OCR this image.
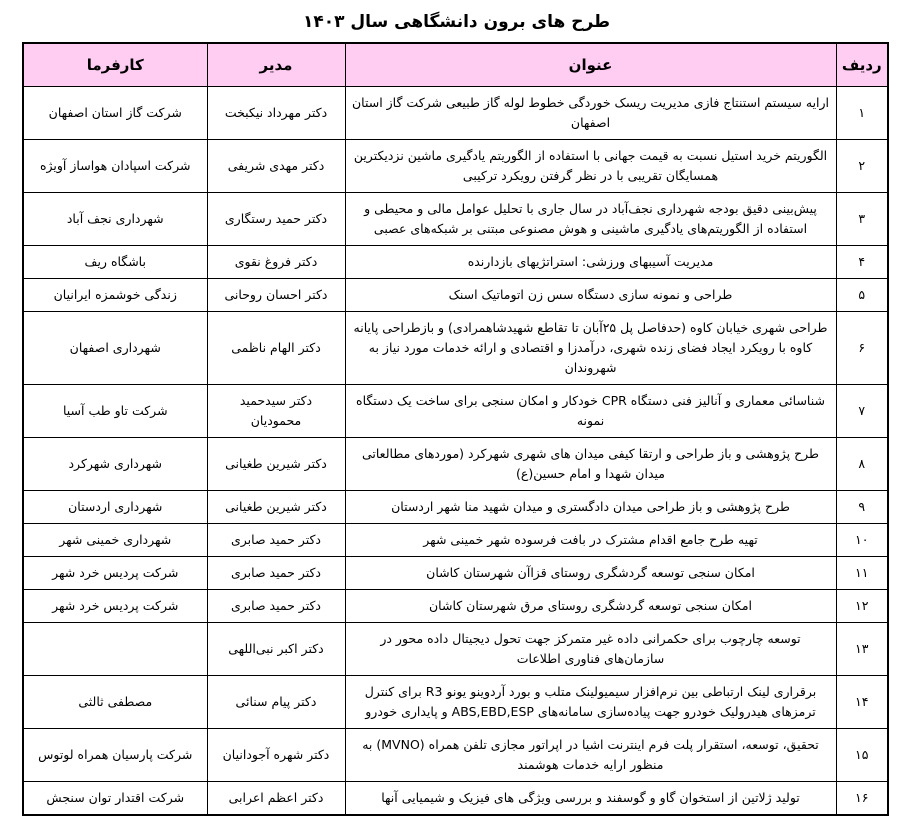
طرح های برون دانشگاهی سال ۱۴۰۳
ردیف	عنوان	مدیر	کارفرما
۱	ارایه سیستم استنتاج فازی مدیریت ریسک خوردگی خطوط لوله گاز طبیعی شرکت گاز استان اصفهان	دکتر مهرداد نیکبخت	شرکت گاز استان اصفهان
۲	الگوریتم خرید استیل نسبت به قیمت جهانی با استفاده از الگوریتم یادگیری ماشین نزدیکترین همسایگان تقریبی با در نظر گرفتن رویکرد ترکیبی	دکتر مهدی شریفی	شرکت اسپادان هواساز آویژه
۳	پیش‌بینی دقیق بودجه شهرداری نجف‌آباد در سال جاری با تحلیل عوامل مالی و محیطی و استفاده از الگوریتم‌های یادگیری ماشینی و هوش مصنوعی مبتنی بر شبکه‌های عصبی	دکتر حمید رستگاری	شهرداری نجف آباد
۴	مدیریت آسیبهای ورزشی: استراتژیهای بازدارنده	دکتر فروغ نقوی	باشگاه ریف
۵	طراحی و نمونه سازی دستگاه سس زن اتوماتیک اسنک	دکتر احسان روحانی	زندگی خوشمزه ایرانیان
۶	طراحی شهری خیابان کاوه (حدفاصل پل ۲۵آبان تا تقاطع شهیدشاهمرادی) و بازطراحی پایانه کاوه با رویکرد ایجاد فضای زنده شهری، درآمدزا و اقتصادی و ارائه خدمات مورد نیاز به شهروندان	دکتر الهام ناظمی	شهرداری اصفهان
۷	شناسائی معماری و آنالیز فنی دستگاه CPR خودکار و امکان سنجی برای ساخت یک دستگاه نمونه	دکتر سیدحمید محمودیان	شرکت تاو طب آسیا
۸	طرح پژوهشی و باز طراحی و ارتقا کیفی میدان های شهری شهرکرد (موردهای مطالعاتی میدان شهدا و امام حسین(ع)	دکتر شیرین طغیانی	شهرداری شهرکرد
۹	طرح پژوهشی و باز طراحی میدان دادگستری و میدان شهید منا شهر اردستان	دکتر شیرین طغیانی	شهرداری اردستان
۱۰	تهیه طرح جامع اقدام مشترک در بافت فرسوده شهر خمینی شهر	دکتر حمید صابری	شهرداری خمینی شهر
۱۱	امکان سنجی توسعه گردشگری روستای قزاآن شهرستان کاشان	دکتر حمید صابری	شرکت پردیس خرد شهر
۱۲	امکان سنجی توسعه گردشگری روستای مرق شهرستان کاشان	دکتر حمید صابری	شرکت پردیس خرد شهر
۱۳	توسعه چارچوب برای حکمرانی داده غیر متمرکز جهت تحول دیجیتال داده محور در سازمان‌های فناوری اطلاعات	دکتر اکبر نبی‌اللهی	
۱۴	برقراری لینک ارتباطی بین نرم‌افزار سیمیولینک متلب و بورد آردوینو یونو R3 برای کنترل ترمزهای هیدرولیک خودرو جهت پیاده‌سازی سامانه‌های ABS,EBD,ESP و پایداری خودرو	دکتر پیام سنائی	مصطفی ثالثی
۱۵	تحقیق، توسعه، استقرار پلت فرم اینترنت اشیا در اپراتور مجازی تلفن همراه (MVNO) به منظور ارایه خدمات هوشمند	دکتر شهره آجودانیان	شرکت پارسیان همراه لوتوس
۱۶	تولید ژلاتین از استخوان گاو و گوسفند و بررسی ویژگی های فیزیک و شیمیایی آنها	دکتر اعظم اعرابی	شرکت اقتدار توان سنجش
